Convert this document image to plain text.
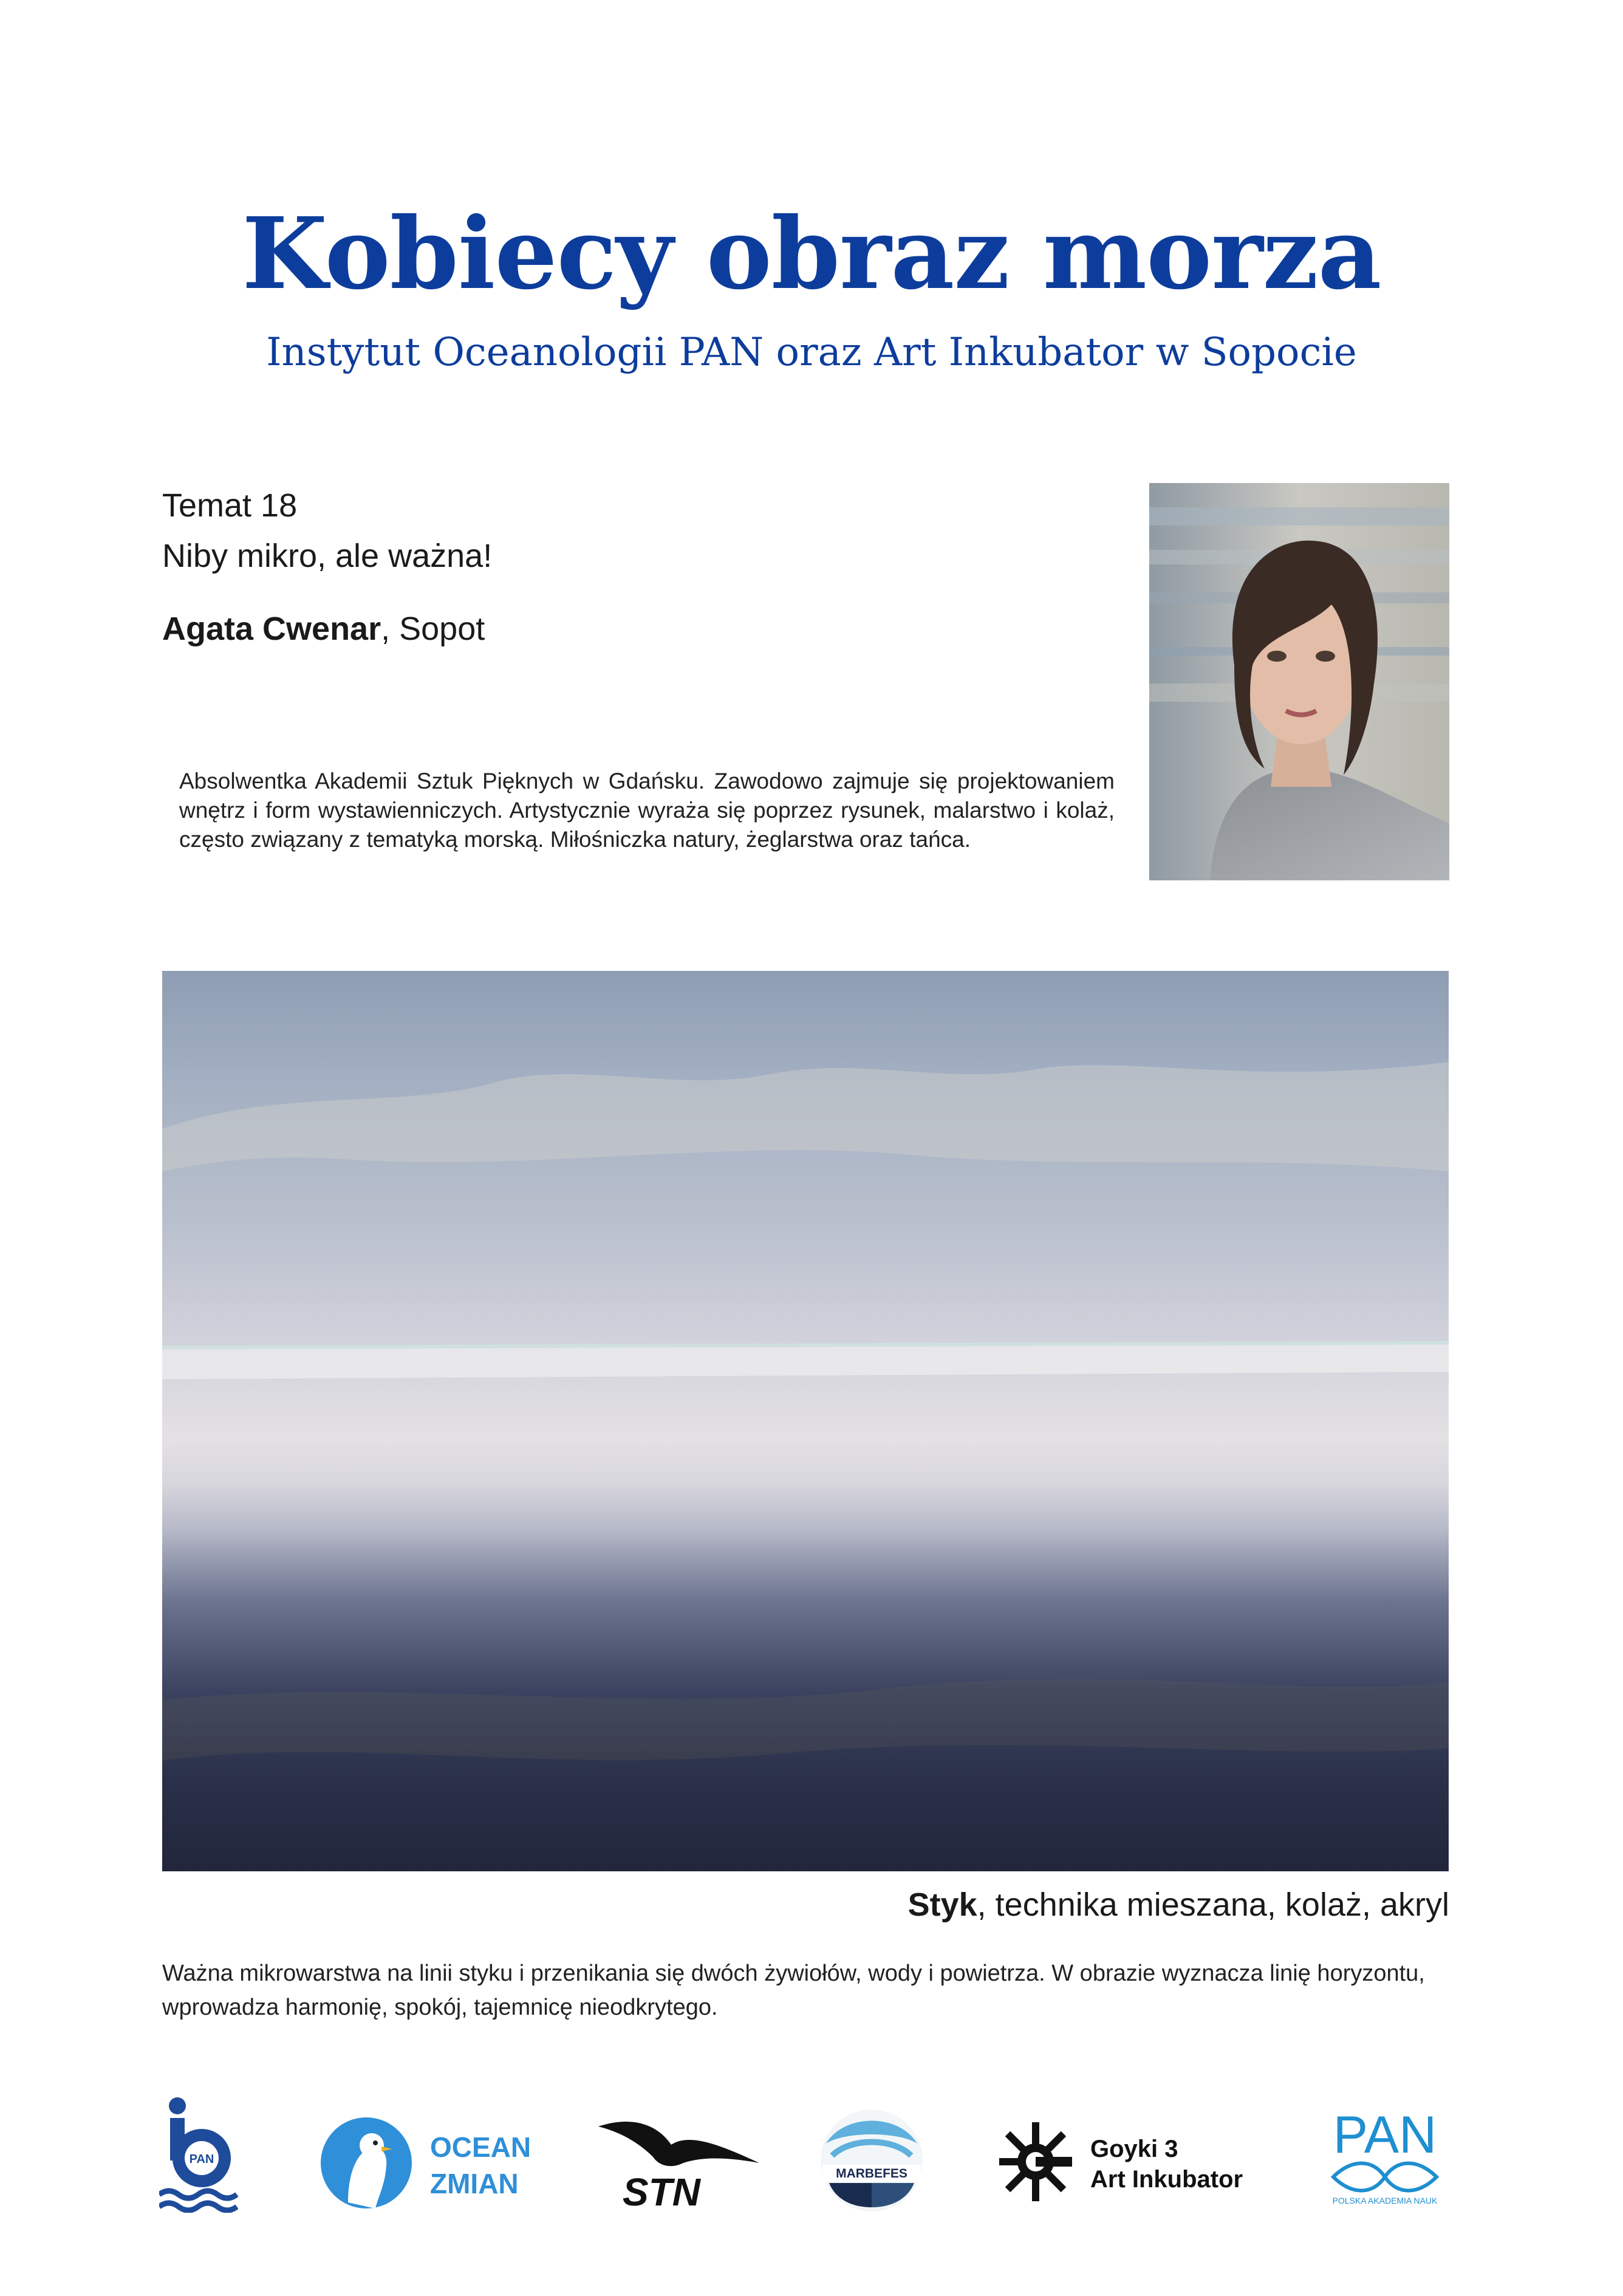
Kobiecy obraz morza
Instytut Oceanologii PAN oraz Art Inkubator w Sopocie
Temat 18
Niby mikro, ale ważna!
Agata Cwenar, Sopot
Absolwentka Akademii Sztuk Pięknych w Gdańsku. Zawodowo zajmuje się projektowaniem wnętrz i form wystawienniczych. Artystycznie wyraża się poprzez rysunek, malarstwo i kolaż, często związany z tematyką morską. Miłośniczka natury, żeglarstwa oraz tańca.
Styk, technika mieszana, kolaż, akryl
Ważna mikrowarstwa na linii styku i przenikania się dwóch żywiołów, wody i powietrza. W obrazie wyznacza linię horyzontu, wprowadza harmonię, spokój, tajemnicę nieodkrytego.
PAN	OCEAN
ZMIAN	STN	MARBEFES
Goyki 3
Art Inkubator
PAN
POLSKA AKADEMIA NAUK
